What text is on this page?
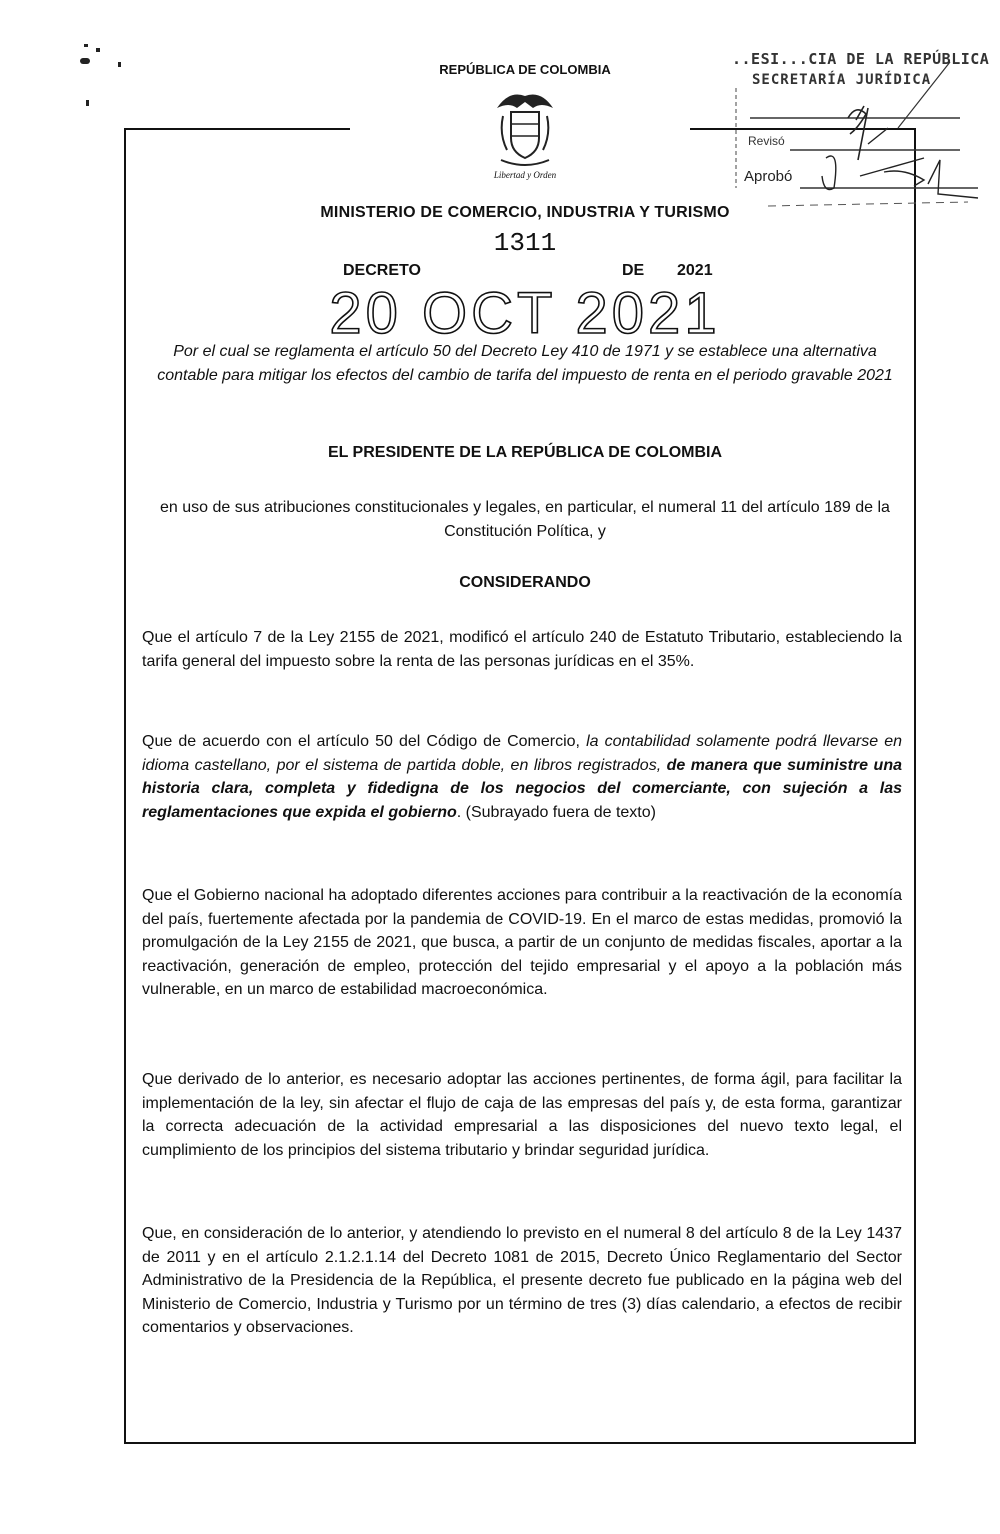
REPÚBLICA DE COLOMBIA
Libertad y Orden
..ESI...CIA DE LA REPÚBLICA
SECRETARÍA JURÍDICA
Revisó
Aprobó
MINISTERIO DE COMERCIO, INDUSTRIA Y TURISMO
1311
DECRETO	DE 2021
20 OCT 2021
Por el cual se reglamenta el artículo 50 del Decreto Ley 410 de 1971 y se establece una alternativa contable para mitigar los efectos del cambio de tarifa del impuesto de renta en el periodo gravable 2021
EL PRESIDENTE DE LA REPÚBLICA DE COLOMBIA
en uso de sus atribuciones constitucionales y legales, en particular, el numeral 11 del artículo 189 de la Constitución Política, y
CONSIDERANDO
Que el artículo 7 de la Ley 2155 de 2021, modificó el artículo 240 de Estatuto Tributario, estableciendo la tarifa general del impuesto sobre la renta de las personas jurídicas en el 35%.
Que de acuerdo con el artículo 50 del Código de Comercio, la contabilidad solamente podrá llevarse en idioma castellano, por el sistema de partida doble, en libros registrados, de manera que suministre una historia clara, completa y fidedigna de los negocios del comerciante, con sujeción a las reglamentaciones que expida el gobierno. (Subrayado fuera de texto)
Que el Gobierno nacional ha adoptado diferentes acciones para contribuir a la reactivación de la economía del país, fuertemente afectada por la pandemia de COVID-19. En el marco de estas medidas, promovió la promulgación de la Ley 2155 de 2021, que busca, a partir de un conjunto de medidas fiscales, aportar a la reactivación, generación de empleo, protección del tejido empresarial y el apoyo a la población más vulnerable, en un marco de estabilidad macroeconómica.
Que derivado de lo anterior, es necesario adoptar las acciones pertinentes, de forma ágil, para facilitar la implementación de la ley, sin afectar el flujo de caja de las empresas del país y, de esta forma, garantizar la correcta adecuación de la actividad empresarial a las disposiciones del nuevo texto legal, el cumplimiento de los principios del sistema tributario y brindar seguridad jurídica.
Que, en consideración de lo anterior, y atendiendo lo previsto en el numeral 8 del artículo 8 de la Ley 1437 de 2011 y en el artículo 2.1.2.1.14 del Decreto 1081 de 2015, Decreto Único Reglamentario del Sector Administrativo de la Presidencia de la República, el presente decreto fue publicado en la página web del Ministerio de Comercio, Industria y Turismo por un término de tres (3) días calendario, a efectos de recibir comentarios y observaciones.
